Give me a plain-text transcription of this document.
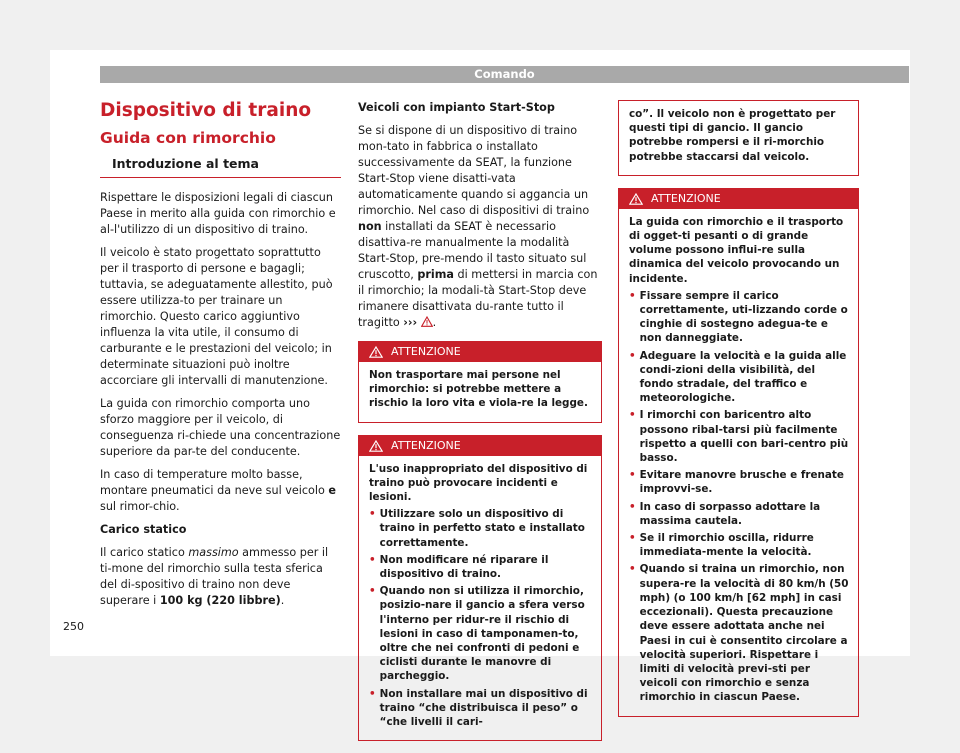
Comando
Dispositivo di traino
Guida con rimorchio
Introduzione al tema

Rispettare le disposizioni legali di ciascun Paese in merito alla guida con rimorchio e al-l'utilizzo di un dispositivo di traino.

Il veicolo è stato progettato soprattutto per il trasporto di persone e bagagli; tuttavia, se adeguatamente allestito, può essere utilizza-to per trainare un rimorchio. Questo carico aggiuntivo influenza la vita utile, il consumo di carburante e le prestazioni del veicolo; in determinate situazioni può inoltre accorciare gli intervalli di manutenzione.

La guida con rimorchio comporta uno sforzo maggiore per il veicolo, di conseguenza ri-chiede una concentrazione superiore da par-te del conducente.

In caso di temperature molto basse, montare pneumatici da neve sul veicolo e sul rimor-chio.

Carico statico

Il carico statico massimo ammesso per il ti-mone del rimorchio sulla testa sferica del di-spositivo di traino non deve superare i 100 kg (220 libbre).

Veicoli con impianto Start-Stop

Se si dispone di un dispositivo di traino mon-tato in fabbrica o installato successivamente da SEAT, la funzione Start-Stop viene disatti-vata automaticamente quando si aggancia un rimorchio. Nel caso di dispositivi di traino non installati da SEAT è necessario disattiva-re manualmente la modalità Start-Stop, pre-mendo il tasto situato sul cruscotto, prima di mettersi in marcia con il rimorchio; la modali-tà Start-Stop deve rimanere disattivata du-rante tutto il tragitto ››› .

ATTENZIONE

Non trasportare mai persone nel rimorchio: si potrebbe mettere a rischio la loro vita e viola-re la legge.

ATTENZIONE

L'uso inappropriato del dispositivo di traino può provocare incidenti e lesioni.

• Utilizzare solo un dispositivo di traino in perfetto stato e installato correttamente.

• Non modificare né riparare il dispositivo di traino.

• Quando non si utilizza il rimorchio, posizio-nare il gancio a sfera verso l'interno per ridur-re il rischio di lesioni in caso di tamponamen-to, oltre che nei confronti di pedoni e ciclisti durante le manovre di parcheggio.

• Non installare mai un dispositivo di traino “che distribuisca il peso” o “che livelli il cari-

co”. Il veicolo non è progettato per questi tipi di gancio. Il gancio potrebbe rompersi e il ri-morchio potrebbe staccarsi dal veicolo.

ATTENZIONE

La guida con rimorchio e il trasporto di ogget-ti pesanti o di grande volume possono influi-re sulla dinamica del veicolo provocando un incidente.

• Fissare sempre il carico correttamente, uti-lizzando corde o cinghie di sostegno adegua-te e non danneggiate.

• Adeguare la velocità e la guida alle condi-zioni della visibilità, del fondo stradale, del traffico e meteorologiche.

• I rimorchi con baricentro alto possono ribal-tarsi più facilmente rispetto a quelli con bari-centro più basso.

• Evitare manovre brusche e frenate improvvi-se.

• In caso di sorpasso adottare la massima cautela.

• Se il rimorchio oscilla, ridurre immediata-mente la velocità.

• Quando si traina un rimorchio, non supera-re la velocità di 80 km/h (50 mph) (o 100 km/h [62 mph] in casi eccezionali). Questa precauzione deve essere adottata anche nei Paesi in cui è consentito circolare a velocità superiori. Rispettare i limiti di velocità previ-sti per veicoli con rimorchio e senza rimorchio in ciascun Paese.

250
